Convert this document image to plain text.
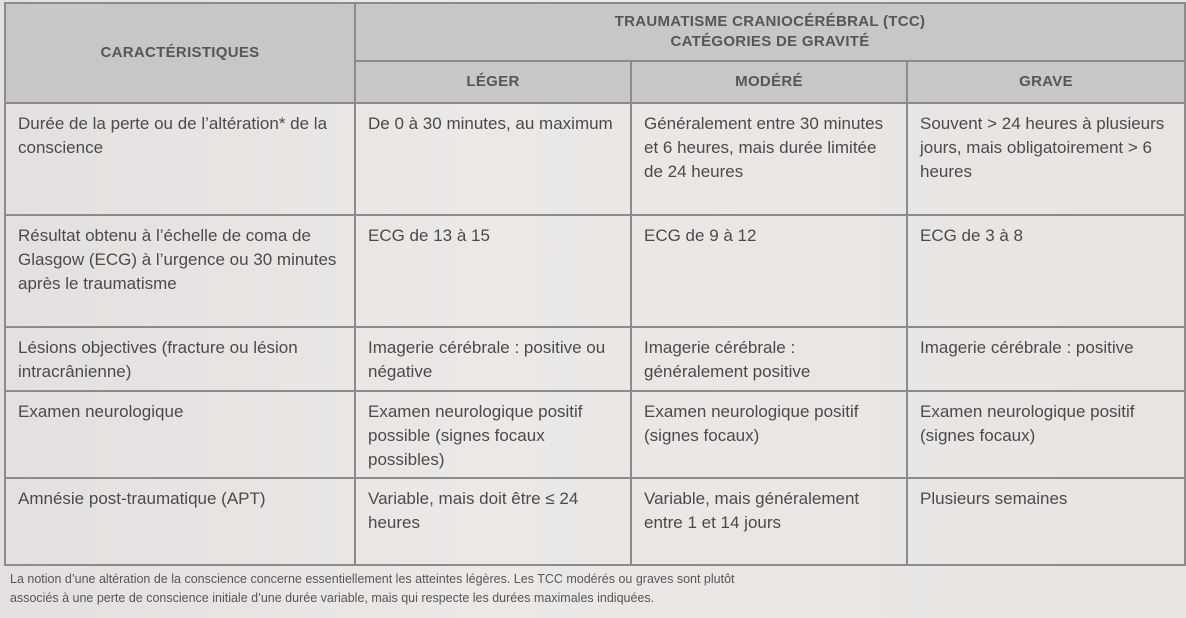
CARACTÉRISTIQUES	TRAUMATISME CRANIOCÉRÉBRAL (TCC)
CATÉGORIES DE GRAVITÉ		

	LÉGER	MODÉRÉ	GRAVE
Durée de la perte ou de l’altération* de la conscience	De 0 à 30 minutes, au maximum	Généralement entre 30 minutes et 6 heures, mais durée limitée de 24 heures	Souvent > 24 heures à plusieurs jours, mais obligatoirement > 6 heures
Résultat obtenu à l’échelle de coma de Glasgow (ECG) à l’urgence ou 30 minutes après le traumatisme	ECG de 13 à 15	ECG de 9 à 12	ECG de 3 à 8
Lésions objectives (fracture ou lésion intracrânienne)	Imagerie cérébrale : positive ou négative	Imagerie cérébrale : généralement positive	Imagerie cérébrale : positive
Examen neurologique	Examen neurologique positif possible (signes focaux possibles)	Examen neurologique positif (signes focaux)	Examen neurologique positif (signes focaux)
Amnésie post-traumatique (APT)	Variable, mais doit être ≤ 24 heures	Variable, mais généralement entre 1 et 14 jours	Plusieurs semaines
La notion d’une altération de la conscience concerne essentiellement les atteintes légères. Les TCC modérés ou graves sont plutôt
associés à une perte de conscience initiale d’une durée variable, mais qui respecte les durées maximales indiquées.
